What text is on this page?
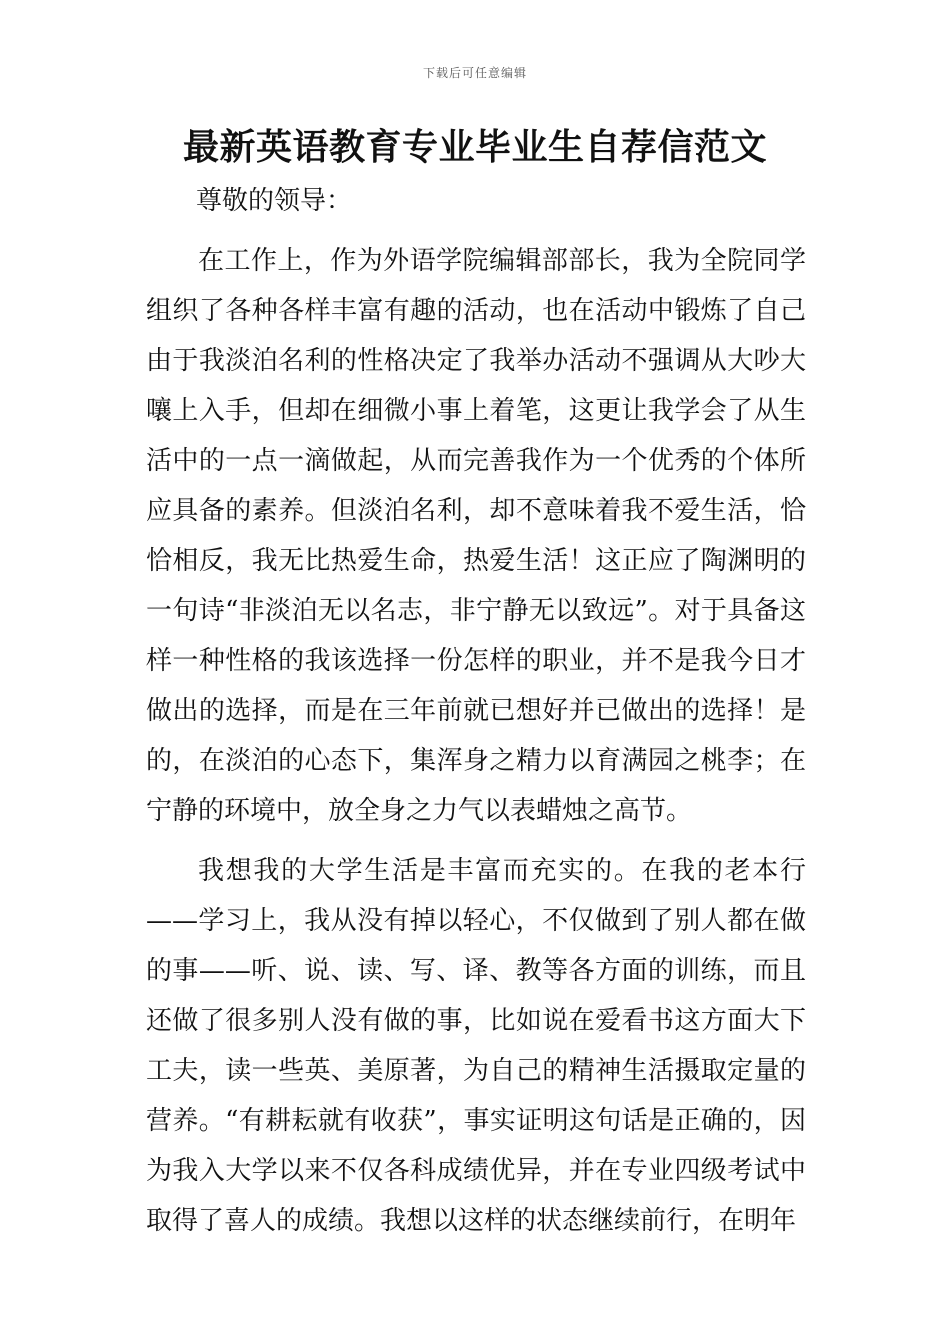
下载后可任意编辑
最新英语教育专业毕业生自荐信范文

尊敬的领导：

在工作上，作为外语学院编辑部部长，我为全院同学组织了各种各样丰富有趣的活动，也在活动中锻炼了自己由于我淡泊名利的性格决定了我举办活动不强调从大吵大嚷上入手，但却在细微小事上着笔，这更让我学会了从生活中的一点一滴做起，从而完善我作为一个优秀的个体所应具备的素养。但淡泊名利，却不意味着我不爱生活，恰恰相反，我无比热爱生命，热爱生活！这正应了陶渊明的一句诗“非淡泊无以名志，非宁静无以致远”。对于具备这样一种性格的我该选择一份怎样的职业，并不是我今日才做出的选择，而是在三年前就已想好并已做出的选择！是的，在淡泊的心态下，集浑身之精力以育满园之桃李；在宁静的环境中，放全身之力气以表蜡烛之高节。

我想我的大学生活是丰富而充实的。在我的老本行——学习上，我从没有掉以轻心，不仅做到了别人都在做的事——听、说、读、写、译、教等各方面的训练，而且还做了很多别人没有做的事，比如说在爱看书这方面大下工夫，读一些英、美原著，为自己的精神生活摄取定量的营养。“有耕耘就有收获”，事实证明这句话是正确的，因为我入大学以来不仅各科成绩优异，并在专业四级考试中取得了喜人的成绩。我想以这样的状态继续前行，在明年
